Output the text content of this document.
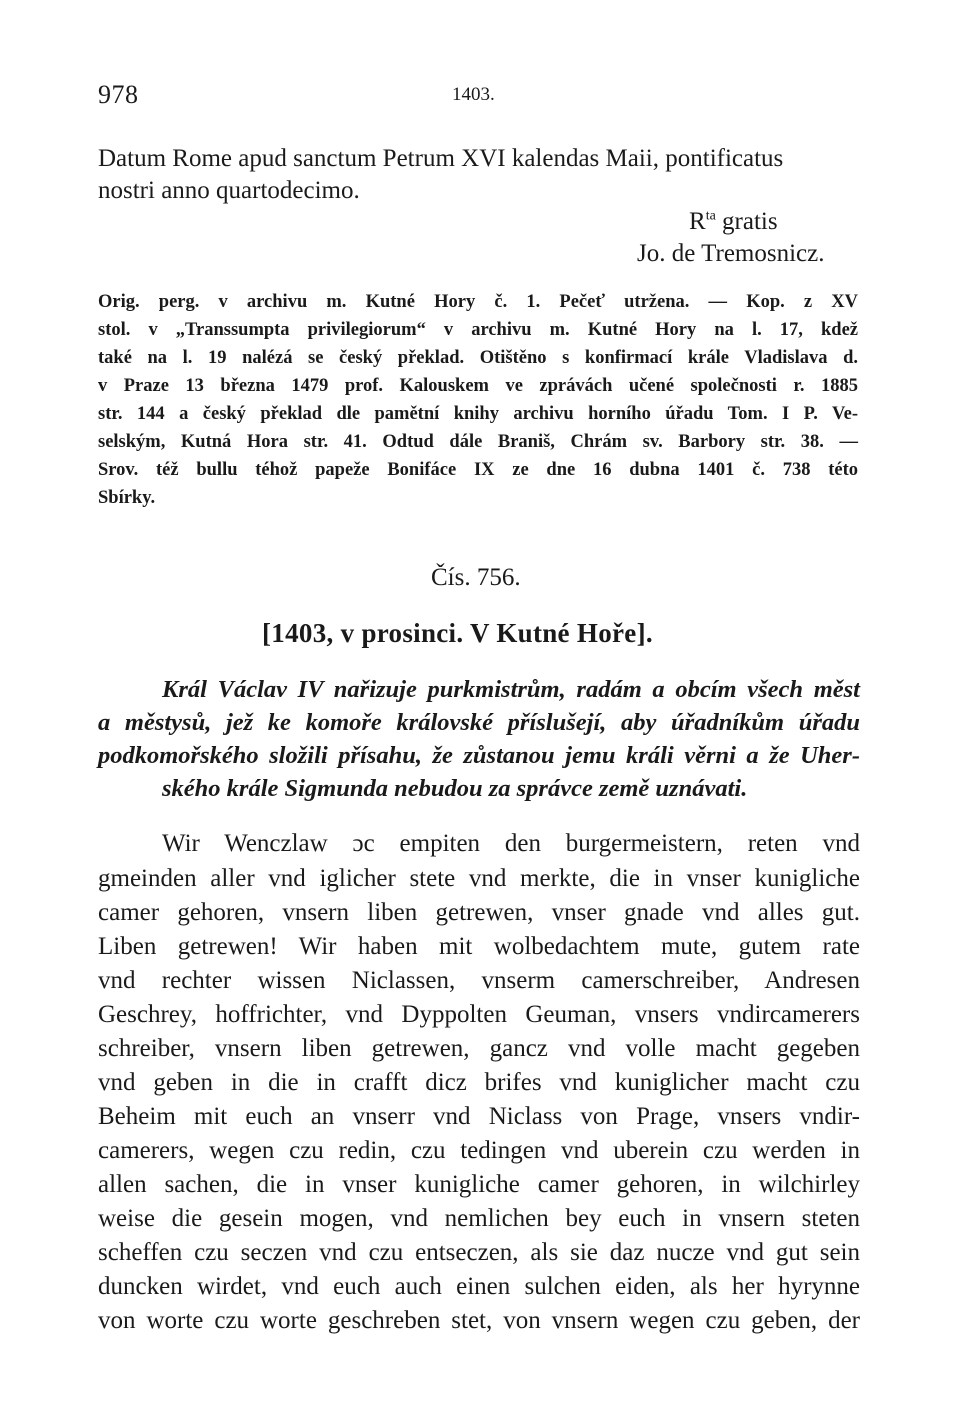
978	1403.
Datum Rome apud sanctum Petrum XVI kalendas Maii, pontificatus
nostri anno quartodecimo.
$R^{ta}$ gratis
Jo. de Tremosnicz.
Orig. perg. v archivu m. Kutné Hory č. 1. Pečeť utržena. — Kop. z XV
stol. v „Transsumpta privilegiorum“ v archivu m. Kutné Hory na l. 17, kdež
také na l. 19 nalézá se český překlad. Otištěno s konfirmací krále Vladislava d.
v Praze 13 března 1479 prof. Kalouskem ve zprávách učené společnosti r. 1885
str. 144 a český překlad dle pamětní knihy archivu horního úřadu Tom. I P. Ve-
selským, Kutná Hora str. 41. Odtud dále Braniš, Chrám sv. Barbory str. 38. —
Srov. též bullu téhož papeže Bonifáce IX ze dne 16 dubna 1401 č. 738 této
Sbírky.
Čís. 756.
[1403, v prosinci. V Kutné Hoře].
Král Václav IV nařizuje purkmistrům, radám a obcím všech měst
a městysů, jež ke komoře královské příslušejí, aby úřadníkům úřadu
podkomořského složili přísahu, že zůstanou jemu králi věrni a že Uher-
ského krále Sigmunda nebudou za správce země uznávati.
Wir Wenczlaw ɔc empiten den burgermeistern, reten vnd
gmeinden aller vnd iglicher stete vnd merkte, die in vnser kunigliche
camer gehoren, vnsern liben getrewen, vnser gnade vnd alles gut.
Liben getrewen! Wir haben mit wolbedachtem mute, gutem rate
vnd rechter wissen Niclassen, vnserm camerschreiber, Andresen
Geschrey, hoffrichter, vnd Dyppolten Geuman, vnsers vndircamerers
schreiber, vnsern liben getrewen, gancz vnd volle macht gegeben
vnd geben in die in crafft dicz brifes vnd kuniglicher macht czu
Beheim mit euch an vnserr vnd Niclass von Prage, vnsers vndir-
camerers, wegen czu redin, czu tedingen vnd uberein czu werden in
allen sachen, die in vnser kunigliche camer gehoren, in wilchirley
weise die gesein mogen, vnd nemlichen bey euch in vnsern steten
scheffen czu seczen vnd czu entseczen, als sie daz nucze vnd gut sein
duncken wirdet, vnd euch auch einen sulchen eiden, als her hyrynne
von worte czu worte geschreben stet, von vnsern wegen czu geben, der
